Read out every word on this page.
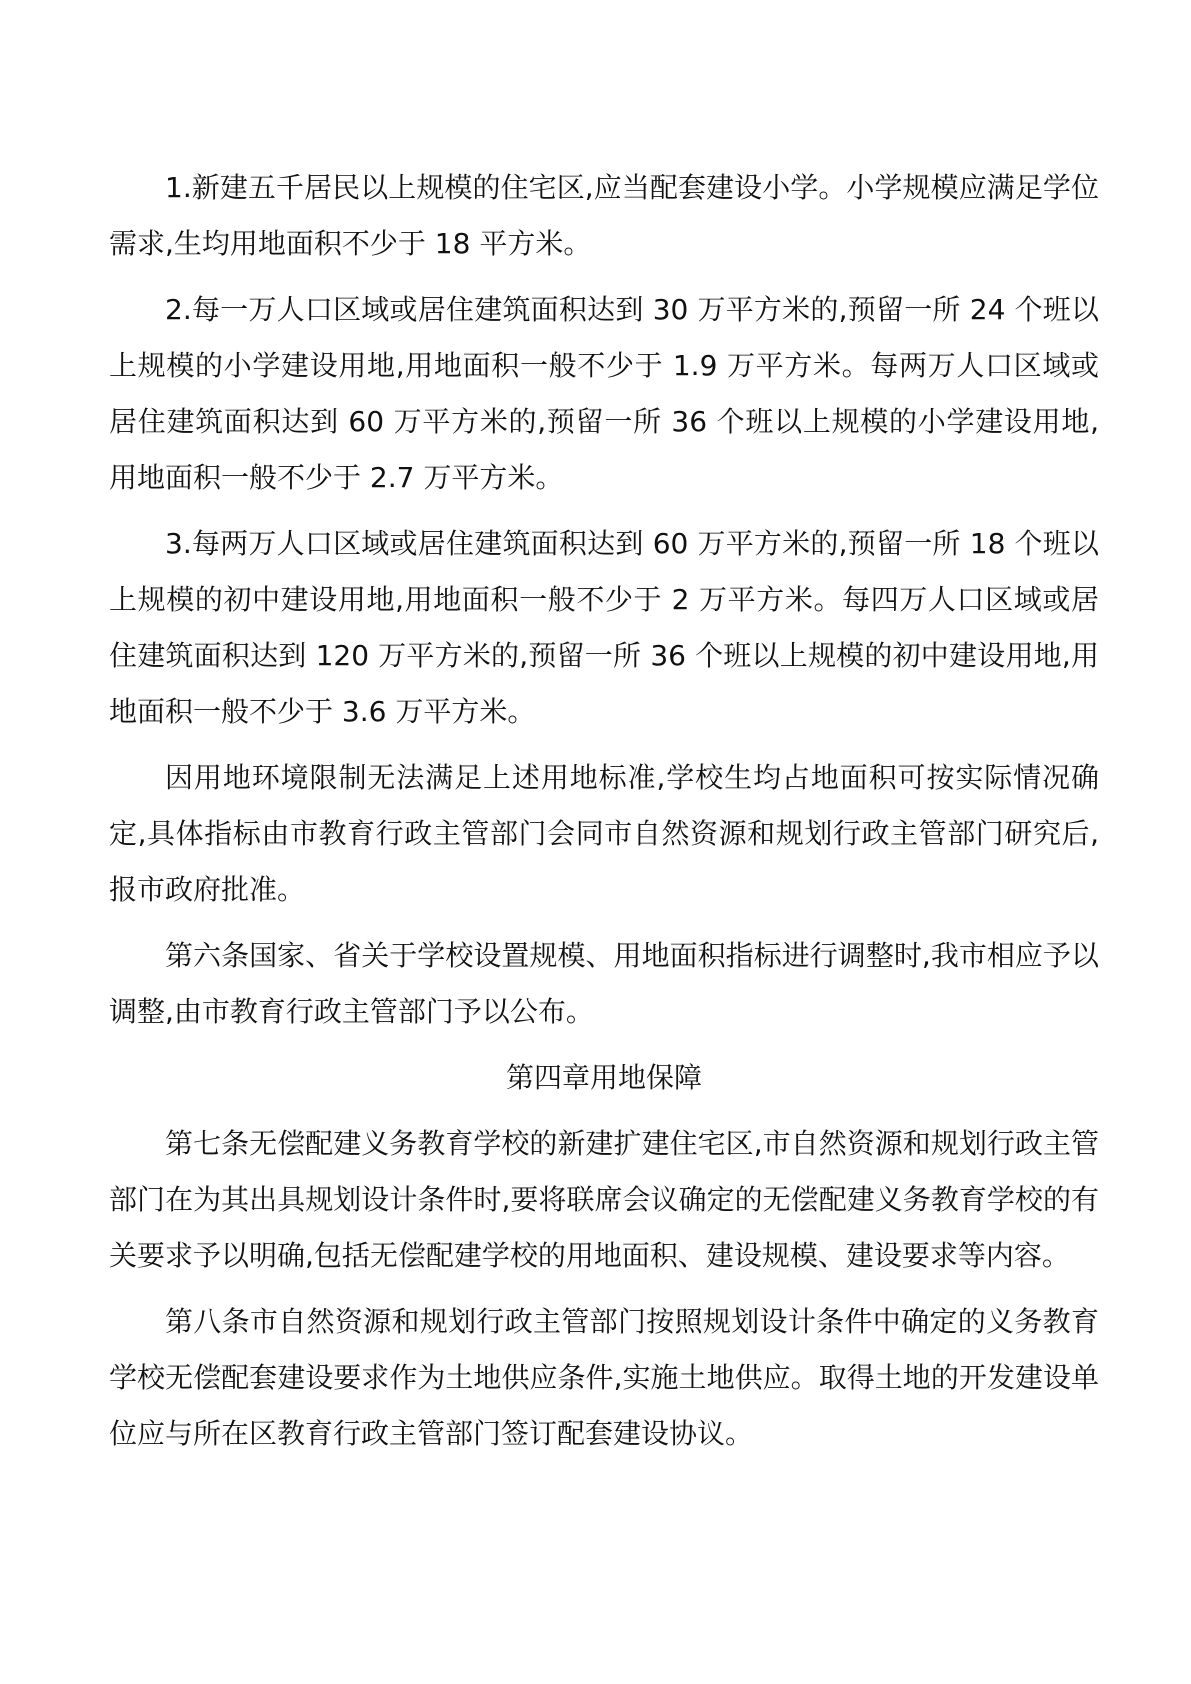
1.新建五千居民以上规模的住宅区,应当配套建设小学。小学规模应满足学位需求,生均用地面积不少于 18 平方米。

2.每一万人口区域或居住建筑面积达到 30 万平方米的,预留一所 24 个班以上规模的小学建设用地,用地面积一般不少于 1.9 万平方米。每两万人口区域或居住建筑面积达到 60 万平方米的,预留一所 36 个班以上规模的小学建设用地,用地面积一般不少于 2.7 万平方米。

3.每两万人口区域或居住建筑面积达到 60 万平方米的,预留一所 18 个班以上规模的初中建设用地,用地面积一般不少于 2 万平方米。每四万人口区域或居住建筑面积达到 120 万平方米的,预留一所 36 个班以上规模的初中建设用地,用地面积一般不少于 3.6 万平方米。

因用地环境限制无法满足上述用地标准,学校生均占地面积可按实际情况确定,具体指标由市教育行政主管部门会同市自然资源和规划行政主管部门研究后,报市政府批准。

第六条国家、省关于学校设置规模、用地面积指标进行调整时,我市相应予以调整,由市教育行政主管部门予以公布。

第四章用地保障

第七条无偿配建义务教育学校的新建扩建住宅区,市自然资源和规划行政主管部门在为其出具规划设计条件时,要将联席会议确定的无偿配建义务教育学校的有关要求予以明确,包括无偿配建学校的用地面积、建设规模、建设要求等内容。

第八条市自然资源和规划行政主管部门按照规划设计条件中确定的义务教育学校无偿配套建设要求作为土地供应条件,实施土地供应。取得土地的开发建设单位应与所在区教育行政主管部门签订配套建设协议。
